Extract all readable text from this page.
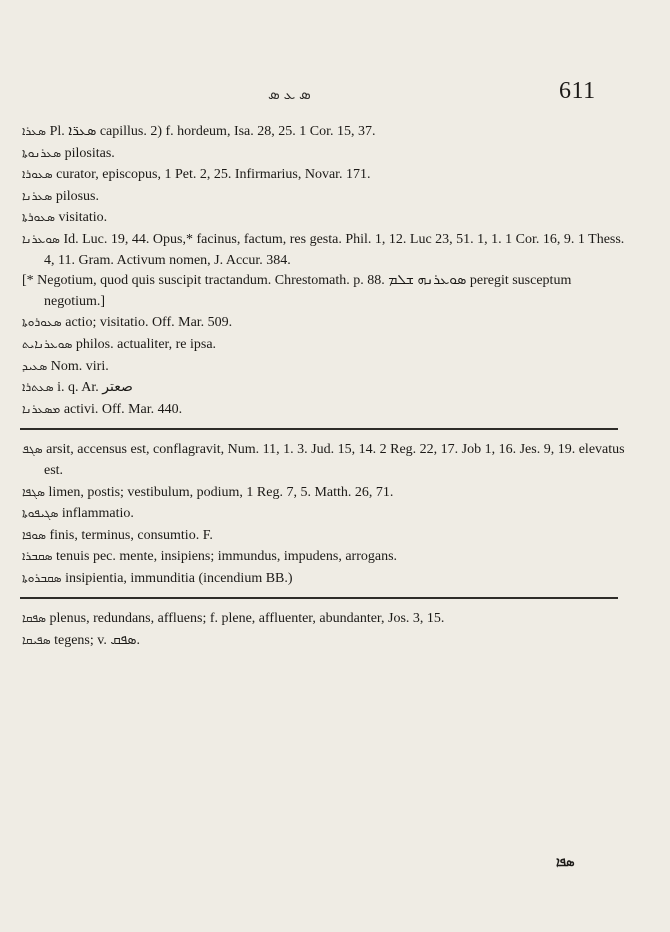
ܣ ܥ ܣ	611
ܣܥܪܐ Pl. ܣܥܪ̈ܐ capillus. 2) f. hordeum, Isa. 28, 25. 1 Cor. 15, 37.
ܣܥܪܢܘܬܐ pilositas.
ܣܥܘܪܐ curator, episcopus, 1 Pet. 2, 25. Infirmarius, Novar. 171.
ܣܥܪܢܐ pilosus.
ܣܥܘܪܬܐ visitatio.
ܣܘܥܪܢܐ Id. Luc. 19, 44. Opus,* facinus, factum, res gesta. Phil. 1, 12. Luc 23, 51. 1, 1. 1 Cor. 16, 9. 1 Thess. 4, 11. Gram. Activum nomen, J. Accur. 384.
[* Negotium, quod quis suscipit tractandum. Chrestomath. p. 88. ܣܘܥܪܢܗ ܫܠܡ peregit susceptum negotium.]
ܣܥܘܪܘܬܐ actio; visitatio. Off. Mar. 509.
ܣܘܥܪܢܐܝܬ philos. actualiter, re ipsa.
ܣܥܝܕ Nom. viri.
ܣܥܬܪܐ i. q. Ar. ﺻﻌﺘﺮ
ܡܣܥܪܢܐ activi. Off. Mar. 440.
ܣܓܦ arsit, accensus est, conflagravit, Num. 11, 1. 3. Jud. 15, 14. 2 Reg. 22, 17. Job 1, 16. Jes. 9, 19. elevatus est.
ܣܓܦܐ limen, postis; vestibulum, podium, 1 Reg. 7, 5. Matth. 26, 71.
ܣܓܝܦܘܬܐ inflammatio.
ܣܘܦܐ finis, terminus, consumtio. F.
ܣܩܒܪܐ tenuis pec. mente, insipiens; immundus, impudens, arrogans.
ܣܩܒܪܘܬܐ insipientia, immunditia (incendium BB.)
ܣܦܩܐ plenus, redundans, affluens; f. plene, affluenter, abundanter, Jos. 3, 15.
ܣܦܝܩܐ tegens; v. ܣܦܩ.
ܣܦܐ
